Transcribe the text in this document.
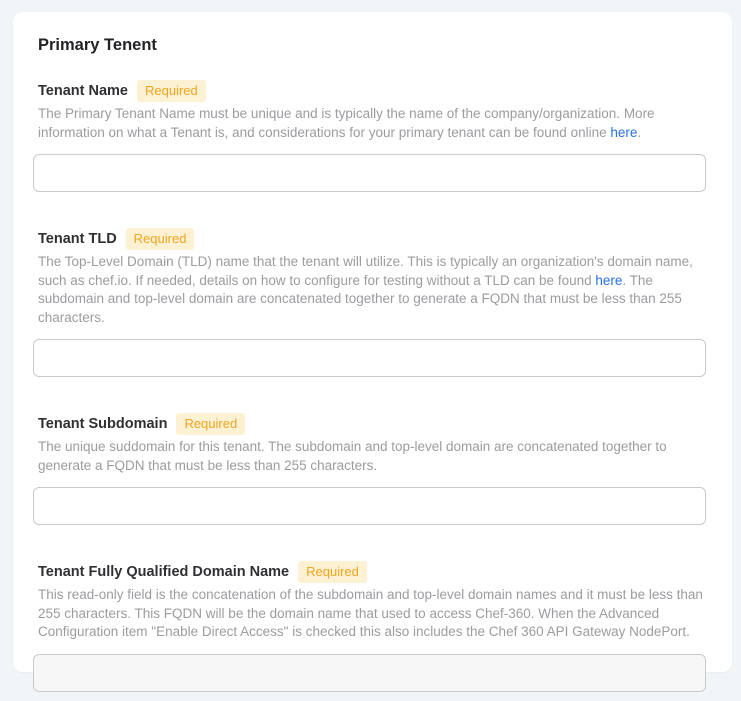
Primary Tenent
Tenant Name	Required

The Primary Tenant Name must be unique and is typically the name of the company/organization. More information on what a Tenant is, and considerations for your primary tenant can be found online here.

Tenant TLD	Required

The Top-Level Domain (TLD) name that the tenant will utilize. This is typically an organization's domain name, such as chef.io. If needed, details on how to configure for testing without a TLD can be found here. The subdomain and top-level domain are concatenated together to generate a FQDN that must be less than 255 characters.

Tenant Subdomain	Required

The unique suddomain for this tenant. The subdomain and top-level domain are concatenated together to generate a FQDN that must be less than 255 characters.

Tenant Fully Qualified Domain Name	Required

This read-only field is the concatenation of the subdomain and top-level domain names and it must be less than 255 characters. This FQDN will be the domain name that used to access Chef-360. When the Advanced Configuration item "Enable Direct Access" is checked this also includes the Chef 360 API Gateway NodePort.
